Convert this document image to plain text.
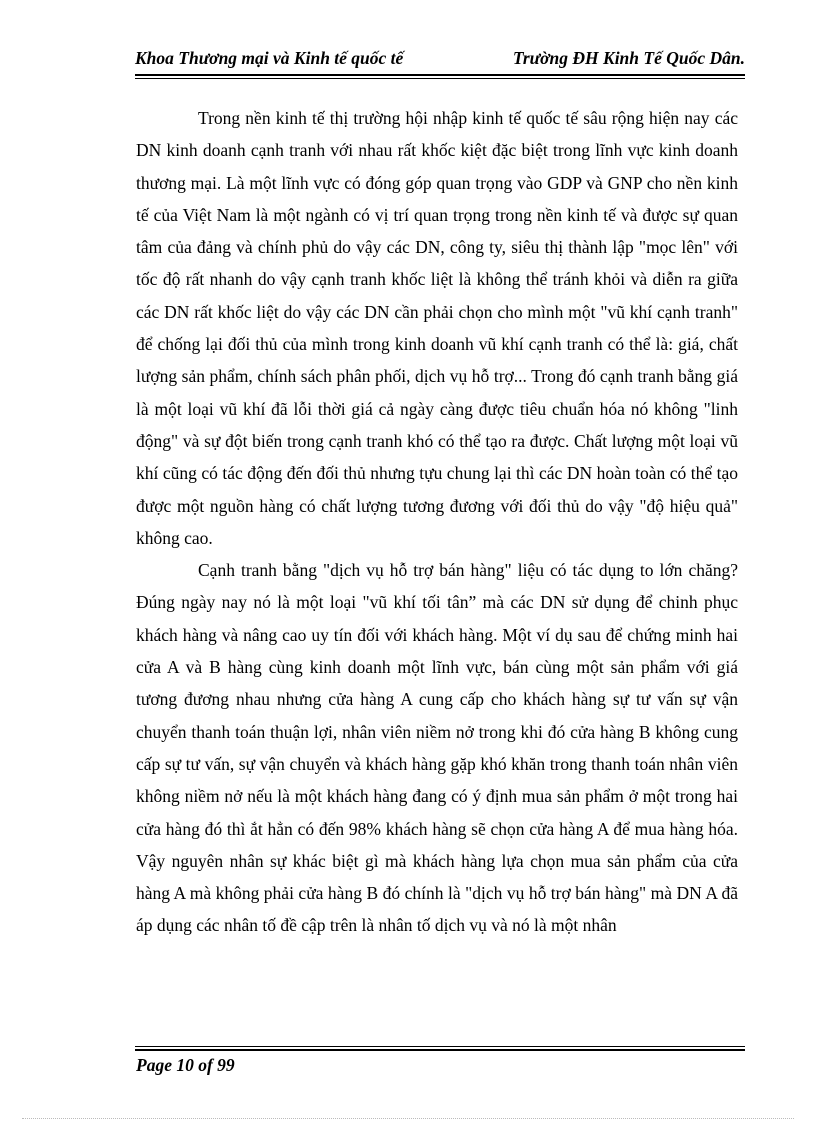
Khoa Thương mại và Kinh tế quốc tế	Trường ĐH Kinh Tế Quốc Dân.

Trong nền kinh tế thị trường hội nhập kinh tế quốc tế sâu rộng hiện nay các DN kinh doanh cạnh tranh với nhau rất khốc kiệt đặc biệt trong lĩnh vực kinh doanh thương mại. Là một lĩnh vực có đóng góp quan trọng vào GDP và GNP cho nền kinh tế của Việt Nam là một ngành có vị trí quan trọng trong nền kinh tế và được sự quan tâm của đảng và chính phủ do vậy các DN, công ty, siêu thị thành lập "mọc lên" với tốc độ rất nhanh do vậy cạnh tranh khốc liệt là không thể tránh khỏi và diễn ra giữa các DN rất khốc liệt do vậy các DN cần phải chọn cho mình một "vũ khí cạnh tranh" để chống lại đối thủ của mình trong kinh doanh vũ khí cạnh tranh có thể là: giá, chất lượng sản phẩm, chính sách phân phối, dịch vụ hỗ trợ... Trong đó cạnh tranh bằng giá là một loại vũ khí đã lỗi thời giá cả ngày càng được tiêu chuẩn hóa nó không "linh động" và sự đột biến trong cạnh tranh khó có thể tạo ra được. Chất lượng một loại vũ khí cũng có tác động đến đối thủ nhưng tựu chung lại thì các DN hoàn toàn có thể tạo được một nguồn hàng có chất lượng tương đương với đối thủ do vậy "độ hiệu quả" không cao.

Cạnh tranh bằng "dịch vụ hỗ trợ bán hàng" liệu có tác dụng to lớn chăng? Đúng ngày nay nó là một loại "vũ khí tối tân” mà các DN sử dụng để chinh phục khách hàng và nâng cao uy tín đối với khách hàng. Một ví dụ sau để chứng minh hai cửa A và B hàng cùng kinh doanh một lĩnh vực, bán cùng một sản phẩm với giá tương đương nhau nhưng cửa hàng A cung cấp cho khách hàng sự tư vấn sự vận chuyển thanh toán thuận lợi, nhân viên niềm nở trong khi đó cửa hàng B không cung cấp sự tư vấn, sự vận chuyển và khách hàng gặp khó khăn trong thanh toán nhân viên không niềm nở nếu là một khách hàng đang có ý định mua sản phẩm ở một trong hai cửa hàng đó thì ắt hẳn có đến 98% khách hàng sẽ chọn cửa hàng A để mua hàng hóa. Vậy nguyên nhân sự khác biệt gì mà khách hàng lựa chọn mua sản phẩm của cửa hàng A mà không phải cửa hàng B đó chính là "dịch vụ hỗ trợ bán hàng" mà DN A đã áp dụng các nhân tố đề cập trên là nhân tố dịch vụ và nó là một nhân

Page 10 of 99
